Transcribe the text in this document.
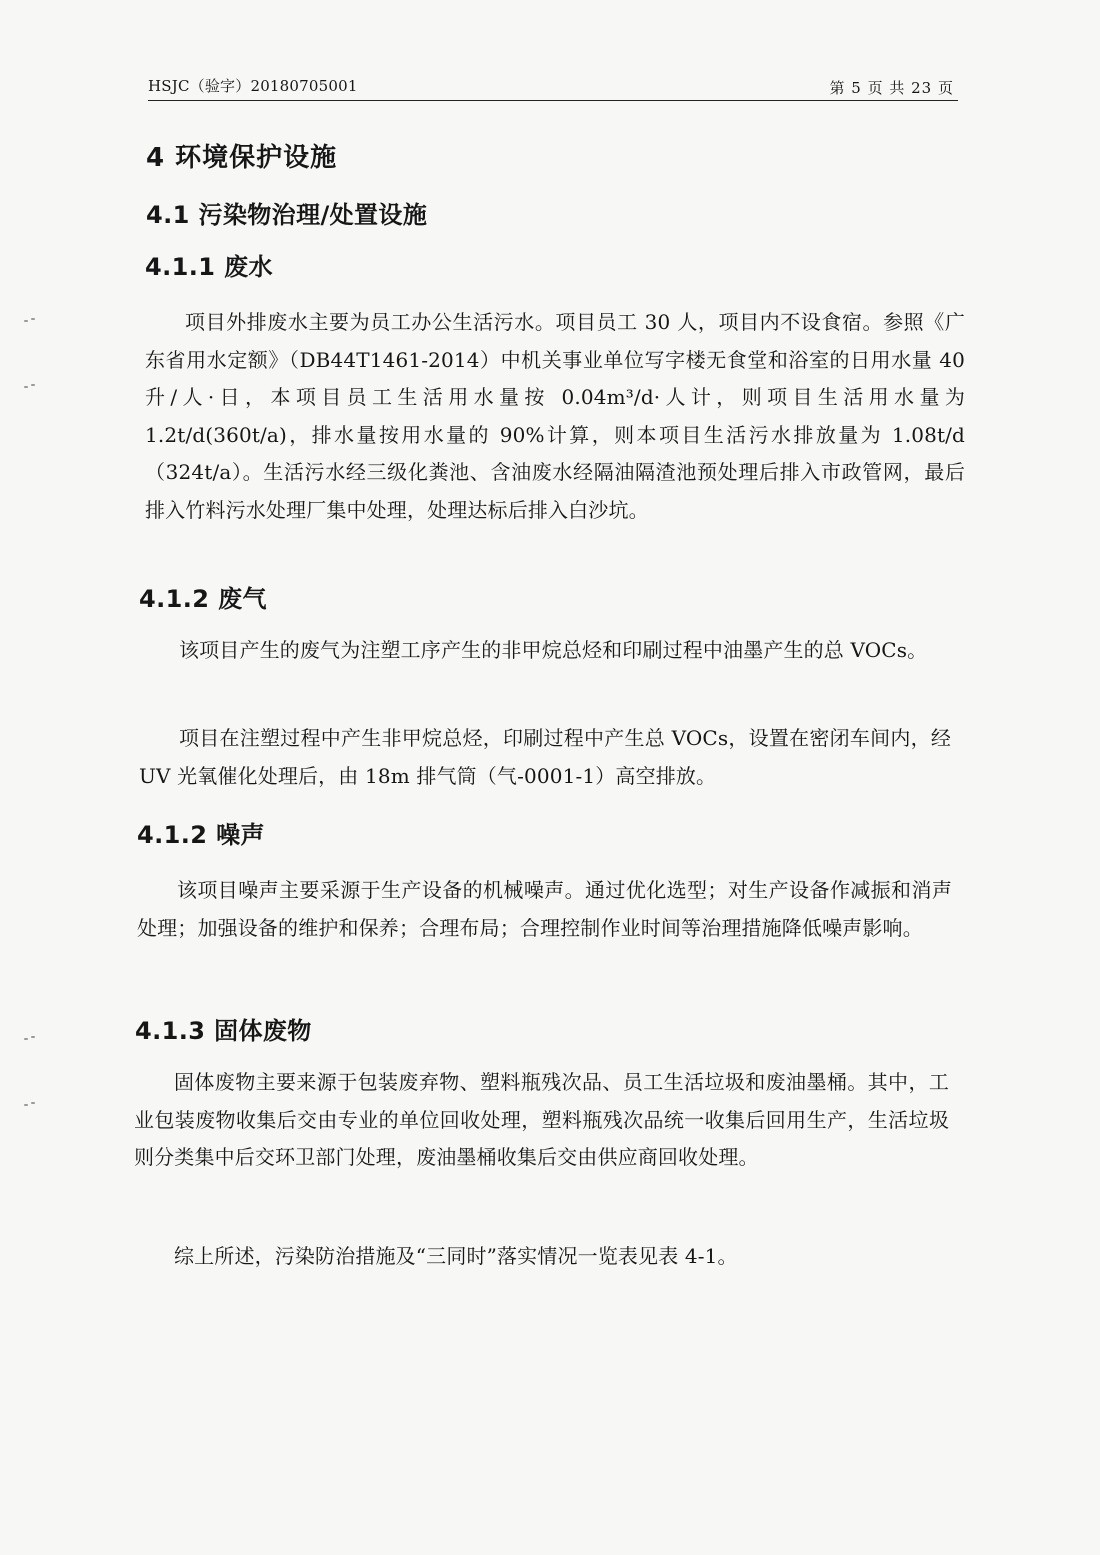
HSJC（验字）20180705001	第 5 页 共 23 页
4 环境保护设施
4.1 污染物治理/处置设施
4.1.1 废水

项目外排废水主要为员工办公生活污水。项目员工 30 人，项目内不设食宿。参照《广东省用水定额》（DB44T1461-2014）中机关事业单位写字楼无食堂和浴室的日用水量 40 升/人·日，本项目员工生活用水量按 0.04m³/d·人计，则项目生活用水量为 1.2t/d(360t/a)，排水量按用水量的 90%计算，则本项目生活污水排放量为 1.08t/d（324t/a）。生活污水经三级化粪池、含油废水经隔油隔渣池预处理后排入市政管网，最后排入竹料污水处理厂集中处理，处理达标后排入白沙坑。

4.1.2 废气

该项目产生的废气为注塑工序产生的非甲烷总烃和印刷过程中油墨产生的总 VOCs。

项目在注塑过程中产生非甲烷总烃，印刷过程中产生总 VOCs，设置在密闭车间内，经 UV 光氧催化处理后，由 18m 排气筒（气-0001-1）高空排放。

4.1.2 噪声

该项目噪声主要采源于生产设备的机械噪声。通过优化选型；对生产设备作减振和消声处理；加强设备的维护和保养；合理布局；合理控制作业时间等治理措施降低噪声影响。

4.1.3 固体废物

固体废物主要来源于包装废弃物、塑料瓶残次品、员工生活垃圾和废油墨桶。其中，工业包装废物收集后交由专业的单位回收处理，塑料瓶残次品统一收集后回用生产，生活垃圾则分类集中后交环卫部门处理，废油墨桶收集后交由供应商回收处理。

综上所述，污染防治措施及“三同时”落实情况一览表见表 4-1。
